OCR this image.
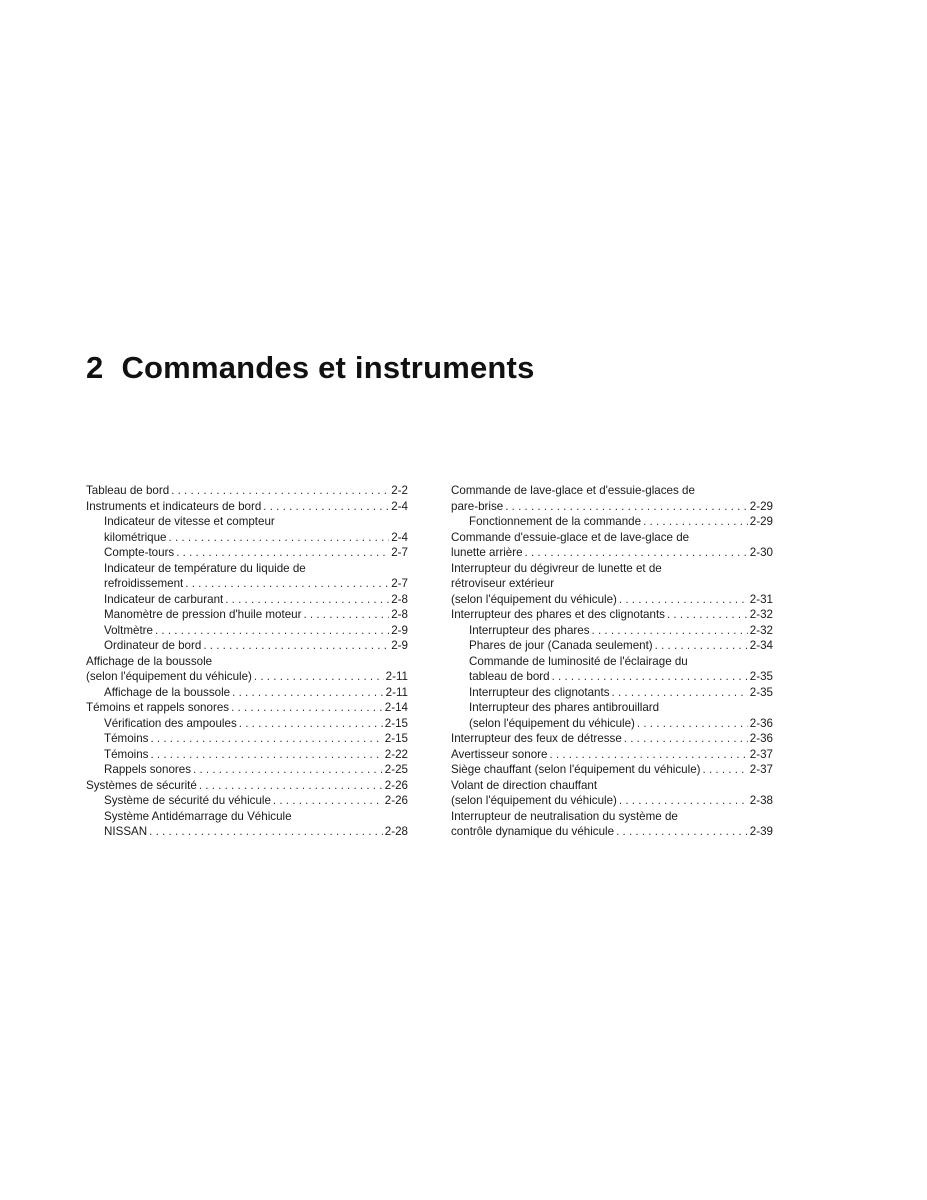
2 Commandes et instruments
Tableau de bord . . .	2-2
Instruments et indicateurs de bord . . .	2-4
Indicateur de vitesse et compteur
kilométrique . . .	2-4
Compte-tours . . .	2-7
Indicateur de température du liquide de
refroidissement . . .	2-7
Indicateur de carburant . . .	2-8
Manomètre de pression d'huile moteur . . .	2-8
Voltmètre . . .	2-9
Ordinateur de bord . . .	2-9
Affichage de la boussole
(selon l'équipement du véhicule) . . .	2-11
Affichage de la boussole . . .	2-11
Témoins et rappels sonores . . .	2-14
Vérification des ampoules . . .	2-15
Témoins . . .	2-15
Témoins . . .	2-22
Rappels sonores . . .	2-25
Systèmes de sécurité . . .	2-26
Système de sécurité du véhicule . . .	2-26
Système Antidémarrage du Véhicule
NISSAN . . .	2-28
Commande de lave-glace et d'essuie-glaces de
pare-brise . . .	2-29
Fonctionnement de la commande . . .	2-29
Commande d'essuie-glace et de lave-glace de
lunette arrière . . .	2-30
Interrupteur du dégivreur de lunette et de
rétroviseur extérieur
(selon l'équipement du véhicule) . . .	2-31
Interrupteur des phares et des clignotants . . .	2-32
Interrupteur des phares . . .	2-32
Phares de jour (Canada seulement) . . .	2-34
Commande de luminosité de l'éclairage du
tableau de bord . . .	2-35
Interrupteur des clignotants . . .	2-35
Interrupteur des phares antibrouillard
(selon l'équipement du véhicule) . . .	2-36
Interrupteur des feux de détresse . . .	2-36
Avertisseur sonore . . .	2-37
Siège chauffant (selon l'équipement du véhicule) . . .	2-37
Volant de direction chauffant
(selon l'équipement du véhicule) . . .	2-38
Interrupteur de neutralisation du système de
contrôle dynamique du véhicule . . .	2-39
